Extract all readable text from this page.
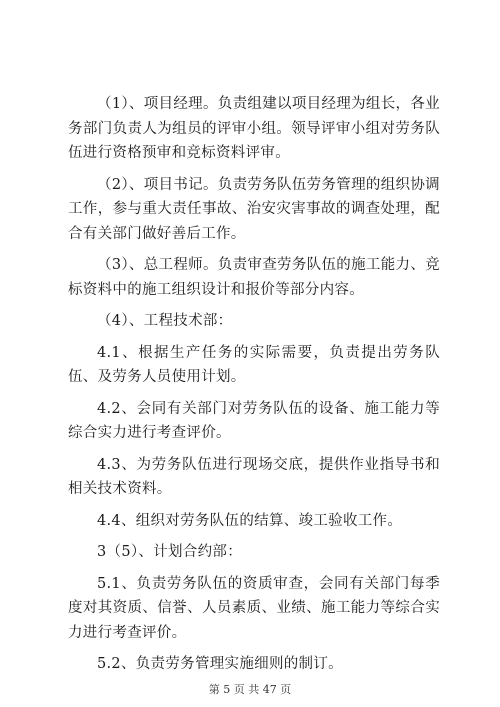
（1）、项目经理。负责组建以项目经理为组长，各业务部门负责人为组员的评审小组。领导评审小组对劳务队伍进行资格预审和竞标资料评审。

（2）、项目书记。负责劳务队伍劳务管理的组织协调工作，参与重大责任事故、治安灾害事故的调查处理，配合有关部门做好善后工作。

（3）、总工程师。负责审查劳务队伍的施工能力、竞标资料中的施工组织设计和报价等部分内容。

（4）、工程技术部：

4.1、根据生产任务的实际需要，负责提出劳务队伍、及劳务人员使用计划。

4.2、会同有关部门对劳务队伍的设备、施工能力等综合实力进行考查评价。

4.3、为劳务队伍进行现场交底，提供作业指导书和相关技术资料。

4.4、组织对劳务队伍的结算、竣工验收工作。

3（5）、计划合约部：

5.1、负责劳务队伍的资质审查，会同有关部门每季度对其资质、信誉、人员素质、业绩、施工能力等综合实力进行考查评价。

5.2、负责劳务管理实施细则的制订。

第 5 页 共 47 页
